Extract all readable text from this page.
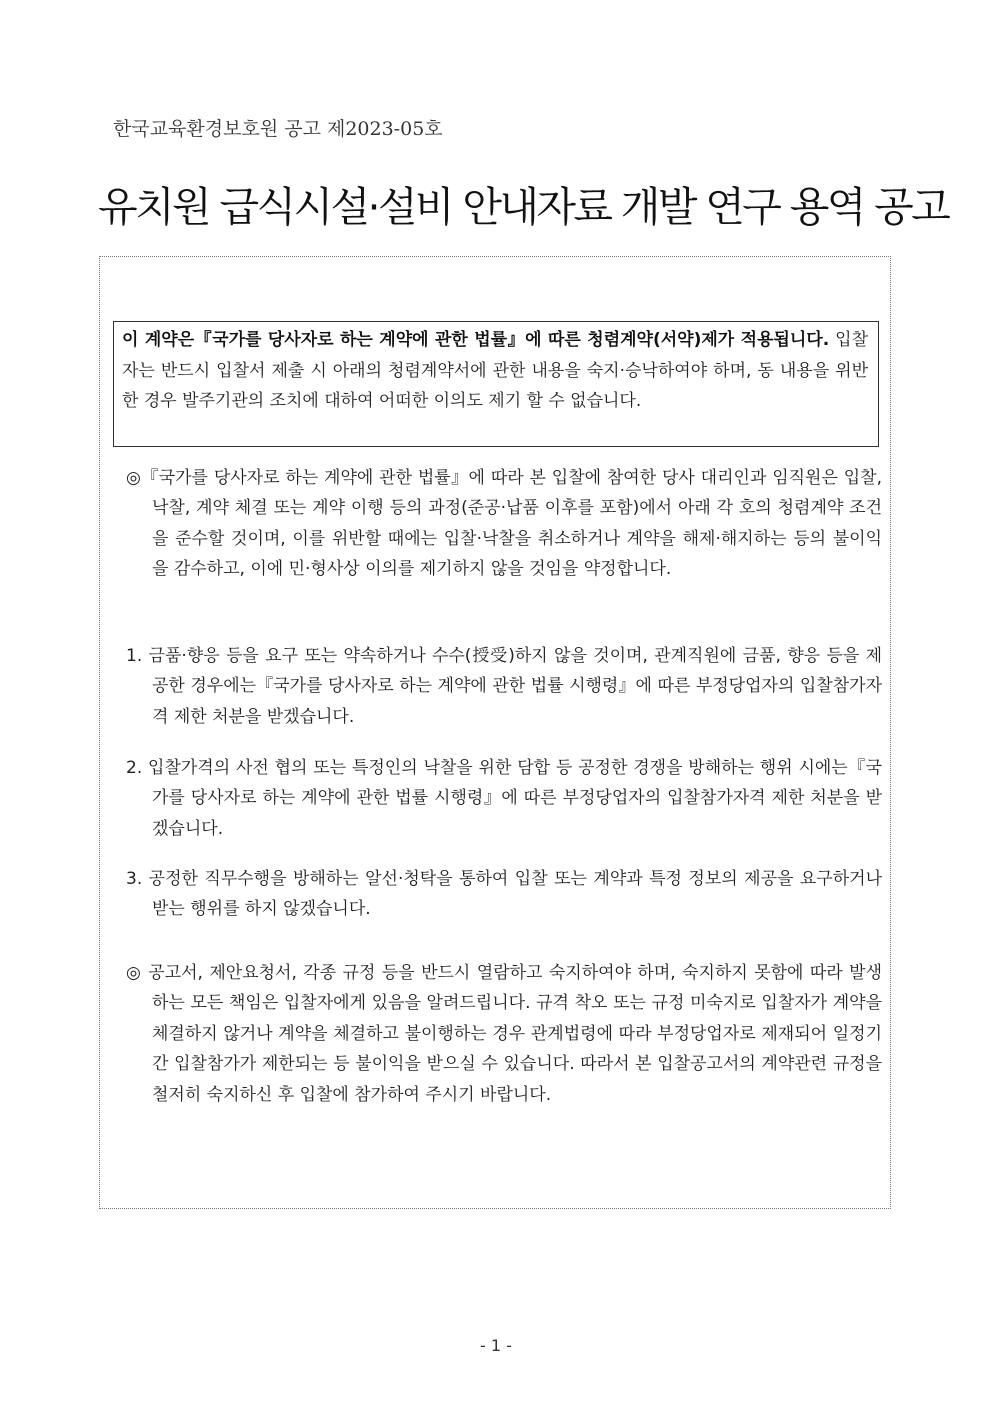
한국교육환경보호원 공고 제2023-05호
유치원 급식시설·설비 안내자료 개발 연구 용역 공고
이 계약은『국가를 당사자로 하는 계약에 관한 법률』에 따른 청렴계약(서약)제가 적용됩니다. 입찰자는 반드시 입찰서 제출 시 아래의 청렴계약서에 관한 내용을 숙지·승낙하여야 하며, 동 내용을 위반한 경우 발주기관의 조치에 대하여 어떠한 이의도 제기 할 수 없습니다.
◎『국가를 당사자로 하는 계약에 관한 법률』에 따라 본 입찰에 참여한 당사 대리인과 임직원은 입찰, 낙찰, 계약 체결 또는 계약 이행 등의 과정(준공·납품 이후를 포함)에서 아래 각 호의 청렴계약 조건을 준수할 것이며, 이를 위반할 때에는 입찰·낙찰을 취소하거나 계약을 해제·해지하는 등의 불이익을 감수하고, 이에 민·형사상 이의를 제기하지 않을 것임을 약정합니다.
1. 금품·향응 등을 요구 또는 약속하거나 수수(授受)하지 않을 것이며, 관계직원에 금품, 향응 등을 제공한 경우에는『국가를 당사자로 하는 계약에 관한 법률 시행령』에 따른 부정당업자의 입찰참가자격 제한 처분을 받겠습니다.
2. 입찰가격의 사전 협의 또는 특정인의 낙찰을 위한 담합 등 공정한 경쟁을 방해하는 행위 시에는『국가를 당사자로 하는 계약에 관한 법률 시행령』에 따른 부정당업자의 입찰참가자격 제한 처분을 받겠습니다.
3. 공정한 직무수행을 방해하는 알선·청탁을 통하여 입찰 또는 계약과 특정 정보의 제공을 요구하거나 받는 행위를 하지 않겠습니다.
◎ 공고서, 제안요청서, 각종 규정 등을 반드시 열람하고 숙지하여야 하며, 숙지하지 못함에 따라 발생하는 모든 책임은 입찰자에게 있음을 알려드립니다. 규격 착오 또는 규정 미숙지로 입찰자가 계약을 체결하지 않거나 계약을 체결하고 불이행하는 경우 관계법령에 따라 부정당업자로 제재되어 일정기간 입찰참가가 제한되는 등 불이익을 받으실 수 있습니다. 따라서 본 입찰공고서의 계약관련 규정을 철저히 숙지하신 후 입찰에 참가하여 주시기 바랍니다.
- 1 -
